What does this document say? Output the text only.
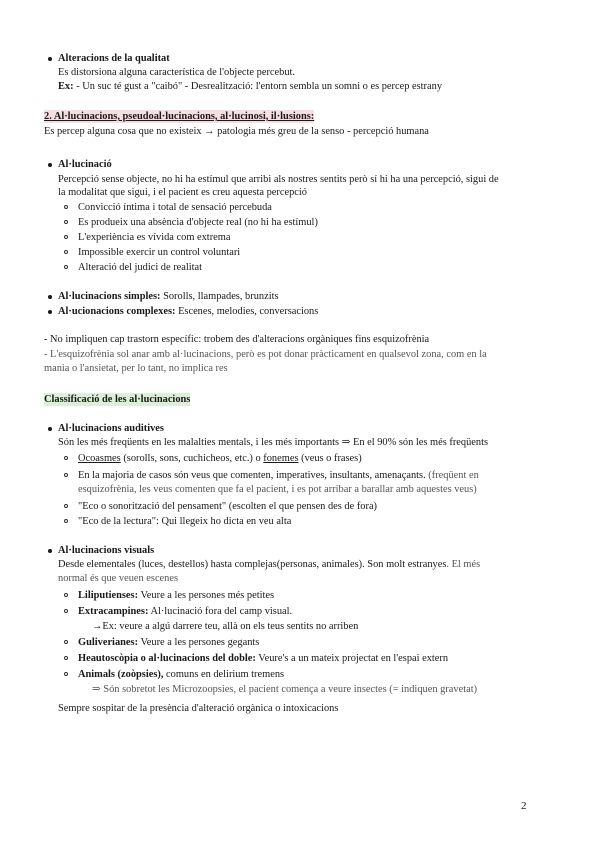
Alteracions de la qualitat
Es distorsiona alguna característica de l'objecte percebut.
Ex: - Un suc té gust a "caibó" - Desrealització: l'entorn sembla un somni o es percep estrany
2. Al·lucinacions, pseudoal·lucinacions, al·lucinosi, il·lusions:
Es percep alguna cosa que no existeix → patologia més greu de la senso - percepció humana
Al·lucinació
Percepció sense objecte, no hi ha estímul que arribi als nostres sentits però sí hi ha una percepció, sigui de
la modalitat que sigui, i el pacient es creu aquesta percepció
Convicció íntima i total de sensació percebuda
Es produeix una absència d'objecte real (no hi ha estímul)
L'experiència es vívida com extrema
Impossible exercir un control voluntari
Alteració del judici de realitat
Al·lucinacions simples: Sorolls, llampades, brunzits
Al·ucionacions complexes: Escenes, melodies, conversacions
- No impliquen cap trastorn específic: trobem des d'alteracions orgàniques fins esquizofrènia
- L'esquizofrènia sol anar amb al·lucinacions, però es pot donar pràcticament en qualsevol zona, com en la
mania o l'ansietat, per lo tant, no implica res
Classificació de les al·lucinacions
Al·lucinacions auditives
Són les més freqüents en les malalties mentals, i les més importants ⇒ En el 90% són les més freqüents
Ocoasmes (sorolls, sons, cuchicheos, etc.) o fonemes (veus o frases)
En la majoria de casos són veus que comenten, imperatives, insultants, amenaçants. (freqüent en
esquizofrènia, les veus comenten que fa el pacient, i es pot arribar a barallar amb aquestes veus)
"Eco o sonorització del pensament" (escolten el que pensen des de fora)
"Eco de la lectura": Qui llegeix ho dicta en veu alta
Al·lucinacions visuals
Desde elementales (luces, destellos) hasta complejas(personas, animales). Son molt estranyes. El més
normal és que veuen escenes
Liliputienses: Veure a les persones més petites
Extracampines: Al·lucinació fora del camp visual.
→Ex: veure a algú darrere teu, allà on els teus sentits no arriben
Guliverianes: Veure a les persones gegants
Heautoscòpia o al·lucinacions del doble: Veure's a un mateix projectat en l'espai extern
Animals (zoòpsies), comuns en delirium tremens
⇒ Són sobretot les Microzoopsies, el pacient comença a veure insectes (= indiquen gravetat)
Sempre sospitar de la presència d'alteració orgànica o intoxicacions
2
